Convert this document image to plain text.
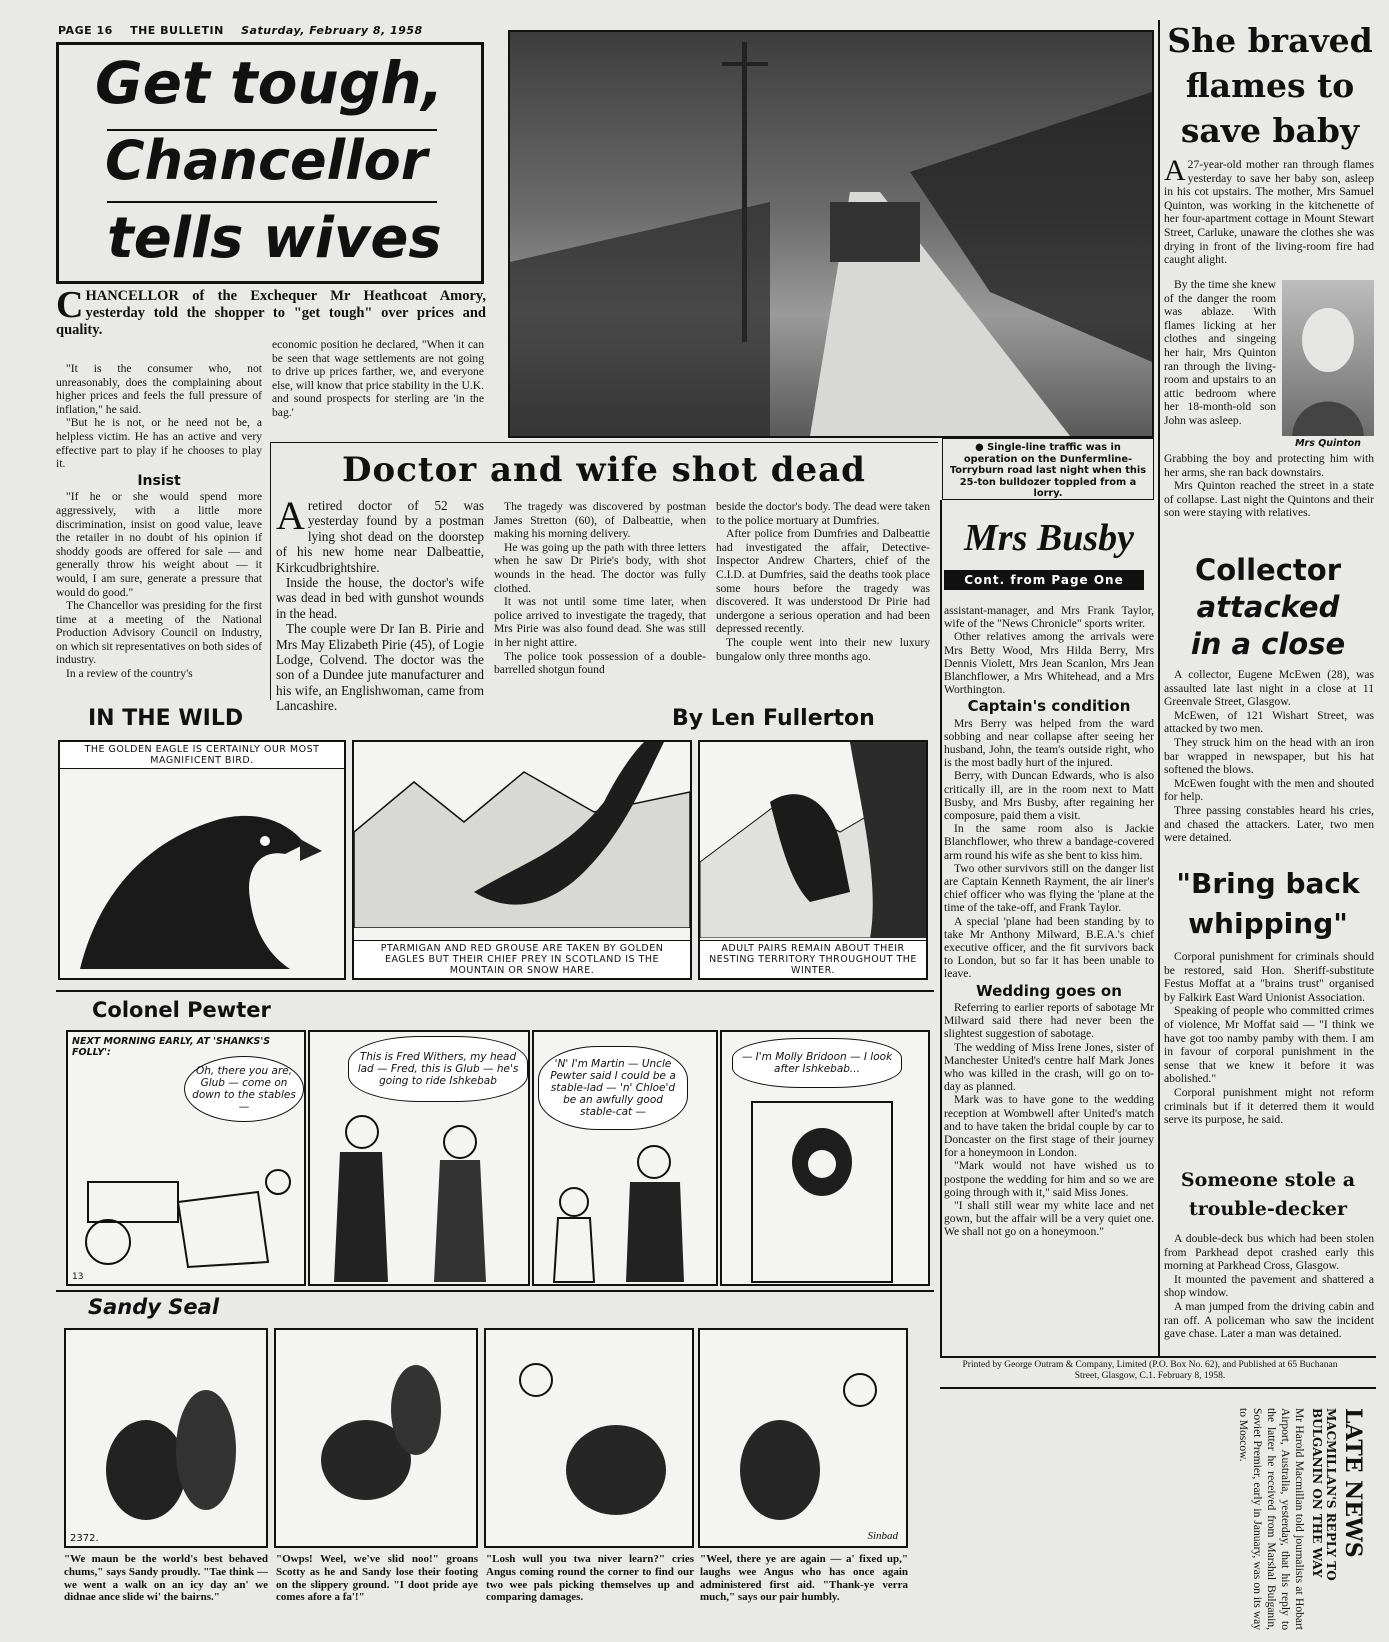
PAGE 16 THE BULLETIN Saturday, February 8, 1958
Get tough,
Chancellor
tells wives
CHANCELLOR of the Exchequer Mr Heathcoat Amory, yesterday told the shopper to "get tough" over prices and quality.

"It is the consumer who, not unreasonably, does the complaining about higher prices and feels the full pressure of inflation," he said.

"But he is not, or he need not be, a helpless victim. He has an active and very effective part to play if he chooses to play it.

Insist

"If he or she would spend more aggressively, with a little more discrimination, insist on good value, leave the retailer in no doubt of his opinion if shoddy goods are offered for sale — and generally throw his weight about — it would, I am sure, generate a pressure that would do good."

The Chancellor was presiding for the first time at a meeting of the National Production Advisory Council on Industry, on which sit representatives on both sides of industry.

In a review of the country's

economic position he declared, "When it can be seen that wage settlements are not going to drive up prices farther, we, and everyone else, will know that price stability in the U.K. and sound prospects for sterling are 'in the bag.'

● Single-line traffic was in operation on the Dunfermline-Torryburn road last night when this 25-ton bulldozer toppled from a lorry.
Doctor and wife shot dead
A retired doctor of 52 was yesterday found by a postman lying shot dead on the doorstep of his new home near Dalbeattie, Kirkcudbrightshire.

Inside the house, the doctor's wife was dead in bed with gunshot wounds in the head.

The couple were Dr Ian B. Pirie and Mrs May Elizabeth Pirie (45), of Logie Lodge, Colvend. The doctor was the son of a Dundee jute manufacturer and his wife, an Englishwoman, came from Lancashire.

The tragedy was discovered by postman James Stretton (60), of Dalbeattie, when making his morning delivery.

He was going up the path with three letters when he saw Dr Pirie's body, with shot wounds in the head. The doctor was fully clothed.

It was not until some time later, when police arrived to investigate the tragedy, that Mrs Pirie was also found dead. She was still in her night attire.

The police took possession of a double-barrelled shotgun found

beside the doctor's body. The dead were taken to the police mortuary at Dumfries.

After police from Dumfries and Dalbeattie had investigated the affair, Detective-Inspector Andrew Charters, chief of the C.I.D. at Dumfries, said the deaths took place some hours before the tragedy was discovered. It was understood Dr Pirie had undergone a serious operation and had been depressed recently.

The couple went into their new luxury bungalow only three months ago.

IN THE WILD	By Len Fullerton
THE GOLDEN EAGLE IS CERTAINLY OUR MOST MAGNIFICENT BIRD.
PTARMIGAN AND RED GROUSE ARE TAKEN BY GOLDEN EAGLES BUT THEIR CHIEF PREY IN SCOTLAND IS THE MOUNTAIN OR SNOW HARE.
ADULT PAIRS REMAIN ABOUT THEIR NESTING TERRITORY THROUGHOUT THE WINTER.
Colonel Pewter
NEXT MORNING EARLY, AT 'SHANKS'S FOLLY':
Oh, there you are, Glub — come on down to the stables —
13
This is Fred Withers, my head lad — Fred, this is Glub — he's going to ride Ishkebab
'N' I'm Martin — Uncle Pewter said I could be a stable-lad — 'n' Chloe'd be an awfully good stable-cat —
— I'm Molly Bridoon — I look after Ishkebab...
Sandy Seal
2372.	Sinbad
"We maun be the world's best behaved chums," says Sandy proudly. "Tae think — we went a walk on an icy day an' we didnae ance slide wi' the bairns."
"Owps! Weel, we've slid noo!" groans Scotty as he and Sandy lose their footing on the slippery ground. "I doot pride aye comes afore a fa'!"
"Losh wull you twa niver learn?" cries Angus coming round the corner to find our two wee pals picking themselves up and comparing damages.
"Weel, there ye are again — a' fixed up," laughs wee Angus who has once again administered first aid. "Thank-ye verra much," says our pair humbly.
Mrs Busby
Cont. from Page One

assistant-manager, and Mrs Frank Taylor, wife of the "News Chronicle" sports writer.

Other relatives among the arrivals were Mrs Betty Wood, Mrs Hilda Berry, Mrs Dennis Violett, Mrs Jean Scanlon, Mrs Jean Blanchflower, a Mrs Whitehead, and a Mrs Worthington.

Captain's condition

Mrs Berry was helped from the ward sobbing and near collapse after seeing her husband, John, the team's outside right, who is the most badly hurt of the injured.

Berry, with Duncan Edwards, who is also critically ill, are in the room next to Matt Busby, and Mrs Busby, after regaining her composure, paid them a visit.

In the same room also is Jackie Blanchflower, who threw a bandage-covered arm round his wife as she bent to kiss him.

Two other survivors still on the danger list are Captain Kenneth Rayment, the air liner's chief officer who was flying the 'plane at the time of the take-off, and Frank Taylor.

A special 'plane had been standing by to take Mr Anthony Milward, B.E.A.'s chief executive officer, and the fit survivors back to London, but so far it has been unable to leave.

Wedding goes on

Referring to earlier reports of sabotage Mr Milward said there had never been the slightest suggestion of sabotage.

The wedding of Miss Irene Jones, sister of Manchester United's centre half Mark Jones who was killed in the crash, will go on to-day as planned.

Mark was to have gone to the wedding reception at Wombwell after United's match and to have taken the bridal couple by car to Doncaster on the first stage of their journey for a honeymoon in London.

"Mark would not have wished us to postpone the wedding for him and so we are going through with it," said Miss Jones.

"I shall still wear my white lace and net gown, but the affair will be a very quiet one. We shall not go on a honeymoon."

She braved
flames to
save baby
A 27-year-old mother ran through flames yesterday to save her baby son, asleep in his cot upstairs. The mother, Mrs Samuel Quinton, was working in the kitchenette of her four-apartment cottage in Mount Stewart Street, Carluke, unaware the clothes she was drying in front of the living-room fire had caught alight.

By the time she knew of the danger the room was ablaze. With flames licking at her clothes and singeing her hair, Mrs Quinton ran through the living-room and upstairs to an attic bedroom where her 18-month-old son John was asleep.

Mrs Quinton

Grabbing the boy and protecting him with her arms, she ran back downstairs.

Mrs Quinton reached the street in a state of collapse. Last night the Quintons and their son were staying with relatives.

Collector
attacked
in a close

A collector, Eugene McEwen (28), was assaulted late last night in a close at 11 Greenvale Street, Glasgow.

McEwen, of 121 Wishart Street, was attacked by two men.

They struck him on the head with an iron bar wrapped in newspaper, but his hat softened the blows.

McEwen fought with the men and shouted for help.

Three passing constables heard his cries, and chased the attackers. Later, two men were detained.

"Bring back
whipping"

Corporal punishment for criminals should be restored, said Hon. Sheriff-substitute Festus Moffat at a "brains trust" organised by Falkirk East Ward Unionist Association.

Speaking of people who committed crimes of violence, Mr Moffat said — "I think we have got too namby pamby with them. I am in favour of corporal punishment in the sense that we knew it before it was abolished."

Corporal punishment might not reform criminals but if it deterred them it would serve its purpose, he said.

Someone stole a
trouble-decker

A double-deck bus which had been stolen from Parkhead depot crashed early this morning at Parkhead Cross, Glasgow.

It mounted the pavement and shattered a shop window.

A man jumped from the driving cabin and ran off. A policeman who saw the incident gave chase. Later a man was detained.

Printed by George Outram & Company, Limited (P.O. Box No. 62), and Published at 65 Buchanan Street, Glasgow, C.1. February 8, 1958.
LATE NEWS
MACMILLAN'S REPLY TO BULGANIN ON THE WAY
Mr Harold Macmillan told journalists at Hobart Airport, Australia, yesterday, that his reply to the latter he received from Marshal Bulganin, Soviet Premier, early in January, was on its way to Moscow.
